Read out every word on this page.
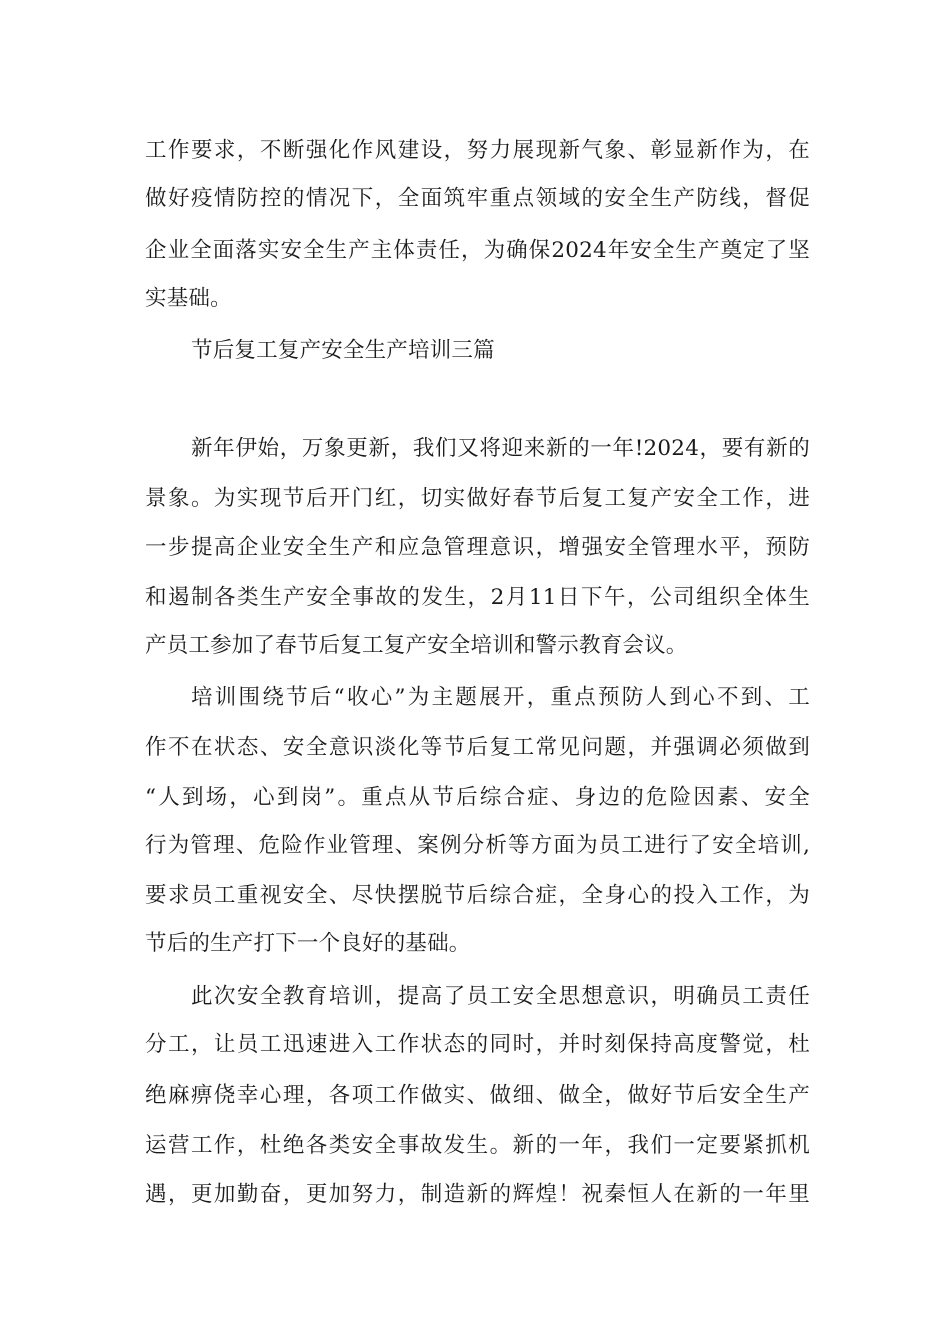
工作要求，不断强化作风建设，努力展现新气象、彰显新作为，在
做好疫情防控的情况下，全面筑牢重点领域的安全生产防线，督促
企业全面落实安全生产主体责任，为确保2024年安全生产奠定了坚
实基础。
节后复工复产安全生产培训三篇
新年伊始，万象更新，我们又将迎来新的一年!2024，要有新的
景象。为实现节后开门红，切实做好春节后复工复产安全工作，进
一步提高企业安全生产和应急管理意识，增强安全管理水平，预防
和遏制各类生产安全事故的发生，2月11日下午，公司组织全体生
产员工参加了春节后复工复产安全培训和警示教育会议。
培训围绕节后“收心”为主题展开，重点预防人到心不到、工
作不在状态、安全意识淡化等节后复工常见问题，并强调必须做到
“人到场，心到岗”。重点从节后综合症、身边的危险因素、安全
行为管理、危险作业管理、案例分析等方面为员工进行了安全培训,
要求员工重视安全、尽快摆脱节后综合症，全身心的投入工作，为
节后的生产打下一个良好的基础。
此次安全教育培训，提高了员工安全思想意识，明确员工责任
分工，让员工迅速进入工作状态的同时，并时刻保持高度警觉，杜
绝麻痹侥幸心理，各项工作做实、做细、做全，做好节后安全生产
运营工作，杜绝各类安全事故发生。新的一年，我们一定要紧抓机
遇，更加勤奋，更加努力，制造新的辉煌！祝秦恒人在新的一年里
